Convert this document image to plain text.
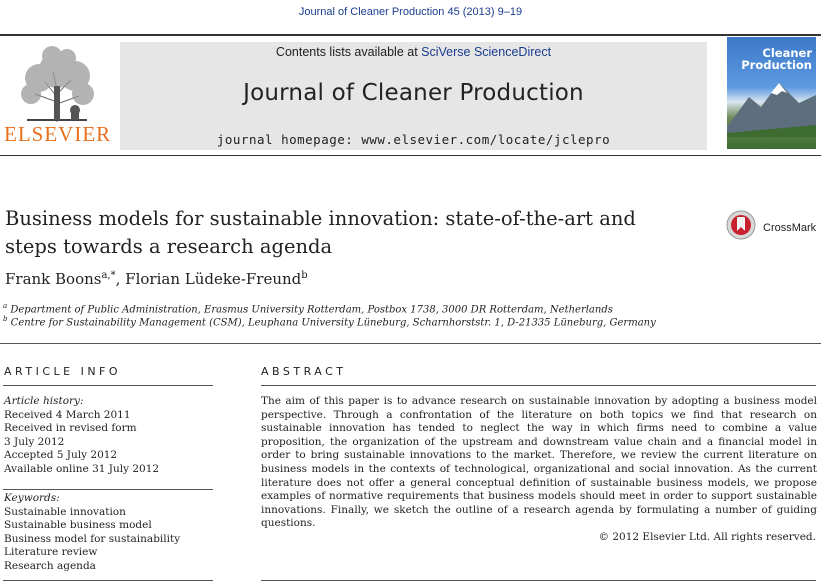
Journal of Cleaner Production 45 (2013) 9–19
ELSEVIER
Contents lists available at SciVerse ScienceDirect
Journal of Cleaner Production
journal homepage: www.elsevier.com/locate/jclepro
Cleaner
Production
Business models for sustainable innovation: state-of-the-art and
steps towards a research agenda
CrossMark
Frank Boons$^{a,*}$, Florian Lüdeke-Freund$^b$
$^a$ Department of Public Administration, Erasmus University Rotterdam, Postbox 1738, 3000 DR Rotterdam, Netherlands
$^b$ Centre for Sustainability Management (CSM), Leuphana University Lüneburg, Scharnhorststr. 1, D-21335 Lüneburg, Germany
ARTICLE INFO
Article history:
Received 4 March 2011
Received in revised form
3 July 2012
Accepted 5 July 2012
Available online 31 July 2012
Keywords:
Sustainable innovation
Sustainable business model
Business model for sustainability
Literature review
Research agenda
ABSTRACT
The aim of this paper is to advance research on sustainable innovation by adopting a business model perspective. Through a confrontation of the literature on both topics we find that research on sustainable innovation has tended to neglect the way in which firms need to combine a value proposition, the organization of the upstream and downstream value chain and a financial model in order to bring sustainable innovations to the market. Therefore, we review the current literature on business models in the contexts of technological, organizational and social innovation. As the current literature does not offer a general conceptual definition of sustainable business models, we propose examples of normative requirements that business models should meet in order to support sustainable innovations. Finally, we sketch the outline of a research agenda by formulating a number of guiding questions.
© 2012 Elsevier Ltd. All rights reserved.
